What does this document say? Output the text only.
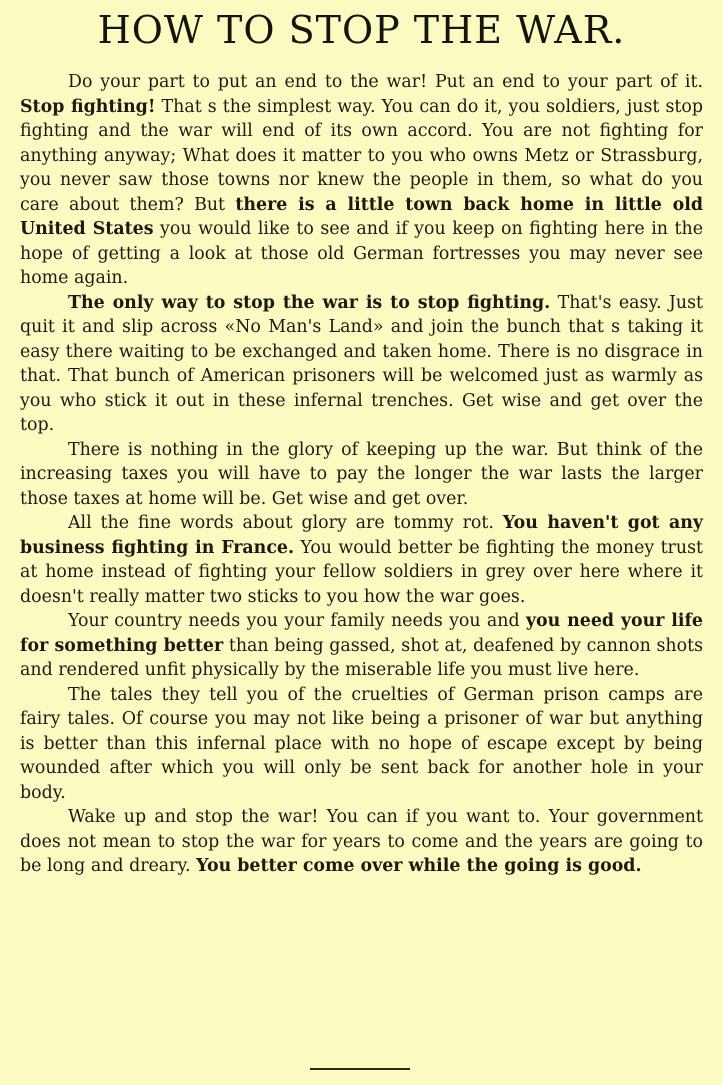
HOW TO STOP THE WAR.

Do your part to put an end to the war! Put an end to your part of it. Stop fighting! That s the simplest way. You can do it, you soldiers, just stop fighting and the war will end of its own accord. You are not fighting for anything anyway; What does it matter to you who owns Metz or Strassburg, you never saw those towns nor knew the people in them, so what do you care about them? But there is a little town back home in little old United States you would like to see and if you keep on fighting here in the hope of getting a look at those old German fortresses you may never see home again.

The only way to stop the war is to stop fighting. That's easy. Just quit it and slip across «No Man's Land» and join the bunch that s taking it easy there waiting to be exchanged and taken home. There is no disgrace in that. That bunch of American prisoners will be welcomed just as warmly as you who stick it out in these infernal trenches. Get wise and get over the top.

There is nothing in the glory of keeping up the war. But think of the increasing taxes you will have to pay the longer the war lasts the larger those taxes at home will be. Get wise and get over.

All the fine words about glory are tommy rot. You haven't got any business fighting in France. You would better be fighting the money trust at home instead of fighting your fellow soldiers in grey over here where it doesn't really matter two sticks to you how the war goes.

Your country needs you your family needs you and you need your life for something better than being gassed, shot at, deafened by cannon shots and rendered unfit physically by the miserable life you must live here.

The tales they tell you of the cruelties of German prison camps are fairy tales. Of course you may not like being a prisoner of war but anything is better than this infernal place with no hope of escape except by being wounded after which you will only be sent back for another hole in your body.

Wake up and stop the war! You can if you want to. Your government does not mean to stop the war for years to come and the years are going to be long and dreary. You better come over while the going is good.
